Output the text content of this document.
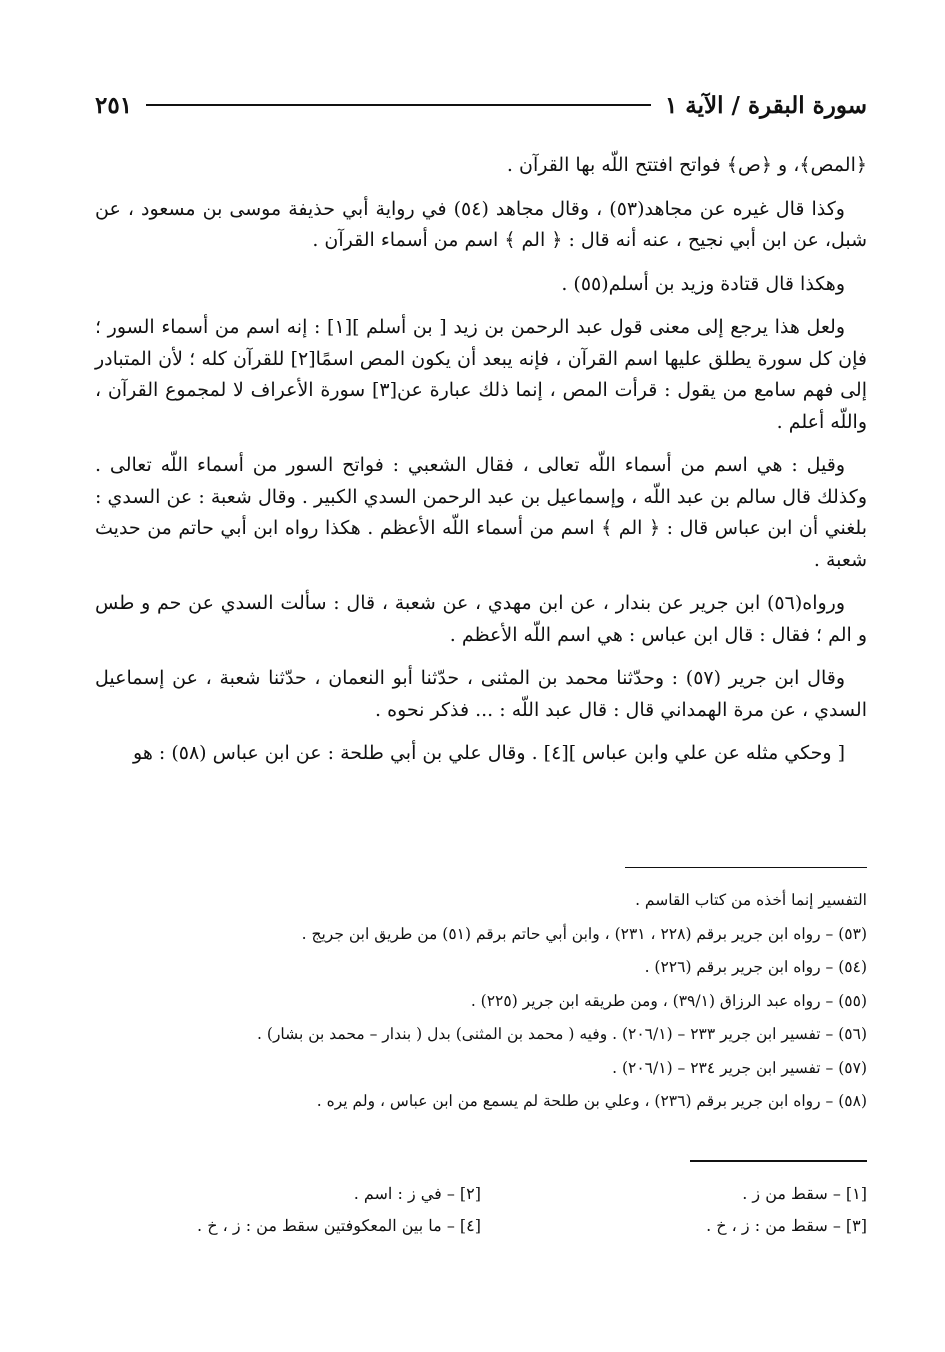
سورة البقرة / الآية ١
٢٥١

﴿المص﴾، و ﴿ص﴾ فواتح افتتح اللّه بها القرآن .

وكذا قال غيره عن مجاهد(٥٣) ، وقال مجاهد (٥٤) في رواية أبي حذيفة موسى بن مسعود ، عن شبل، عن ابن أبي نجيح ، عنه أنه قال : ﴿ الم ﴾ اسم من أسماء القرآن .

وهكذا قال قتادة وزيد بن أسلم(٥٥) .

ولعل هذا يرجع إلى معنى قول عبد الرحمن بن زيد [ بن أسلم ][١] : إنه اسم من أسماء السور ؛ فإن كل سورة يطلق عليها اسم القرآن ، فإنه يبعد أن يكون المص اسمًا[٢] للقرآن كله ؛ لأن المتبادر إلى فهم سامع من يقول : قرأت المص ، إنما ذلك عبارة عن[٣] سورة الأعراف لا لمجموع القرآن ، واللّه أعلم .

وقيل : هي اسم من أسماء اللّه تعالى ، فقال الشعبي : فواتح السور من أسماء اللّه تعالى . وكذلك قال سالم بن عبد اللّه ، وإسماعيل بن عبد الرحمن السدي الكبير . وقال شعبة : عن السدي : بلغني أن ابن عباس قال : ﴿ الم ﴾ اسم من أسماء اللّه الأعظم . هكذا رواه ابن أبي حاتم من حديث شعبة .

ورواه(٥٦) ابن جرير عن بندار ، عن ابن مهدي ، عن شعبة ، قال : سألت السدي عن حم و طس و الم ؛ فقال : قال ابن عباس : هي اسم اللّه الأعظم .

وقال ابن جرير (٥٧) : وحدّثنا محمد بن المثنى ، حدّثنا أبو النعمان ، حدّثنا شعبة ، عن إسماعيل السدي ، عن مرة الهمداني قال : قال عبد اللّه : ... فذكر نحوه .

[ وحكي مثله عن علي وابن عباس ][٤] . وقال علي بن أبي طلحة : عن ابن عباس (٥٨) : هو

التفسير إنما أخذه من كتاب القاسم .
(٥٣) – رواه ابن جرير برقم (٢٢٨ ، ٢٣١) ، وابن أبي حاتم برقم (٥١) من طريق ابن جريج .
(٥٤) – رواه ابن جرير برقم (٢٢٦) .
(٥٥) – رواه عبد الرزاق (٣٩/١) ، ومن طريقه ابن جرير (٢٢٥) .
(٥٦) – تفسير ابن جرير ٢٣٣ – (٢٠٦/١) . وفيه ( محمد بن المثنى) بدل ( بندار – محمد بن بشار) .
(٥٧) – تفسير ابن جرير ٢٣٤ – (٢٠٦/١) .
(٥٨) – رواه ابن جرير برقم (٢٣٦) ، وعلي بن طلحة لم يسمع من ابن عباس ، ولم يره .
[١] – سقط من ز .
[٢] – في ز : اسم .
[٣] – سقط من : ز ، خ .
[٤] – ما بين المعكوفتين سقط من : ز ، خ .
